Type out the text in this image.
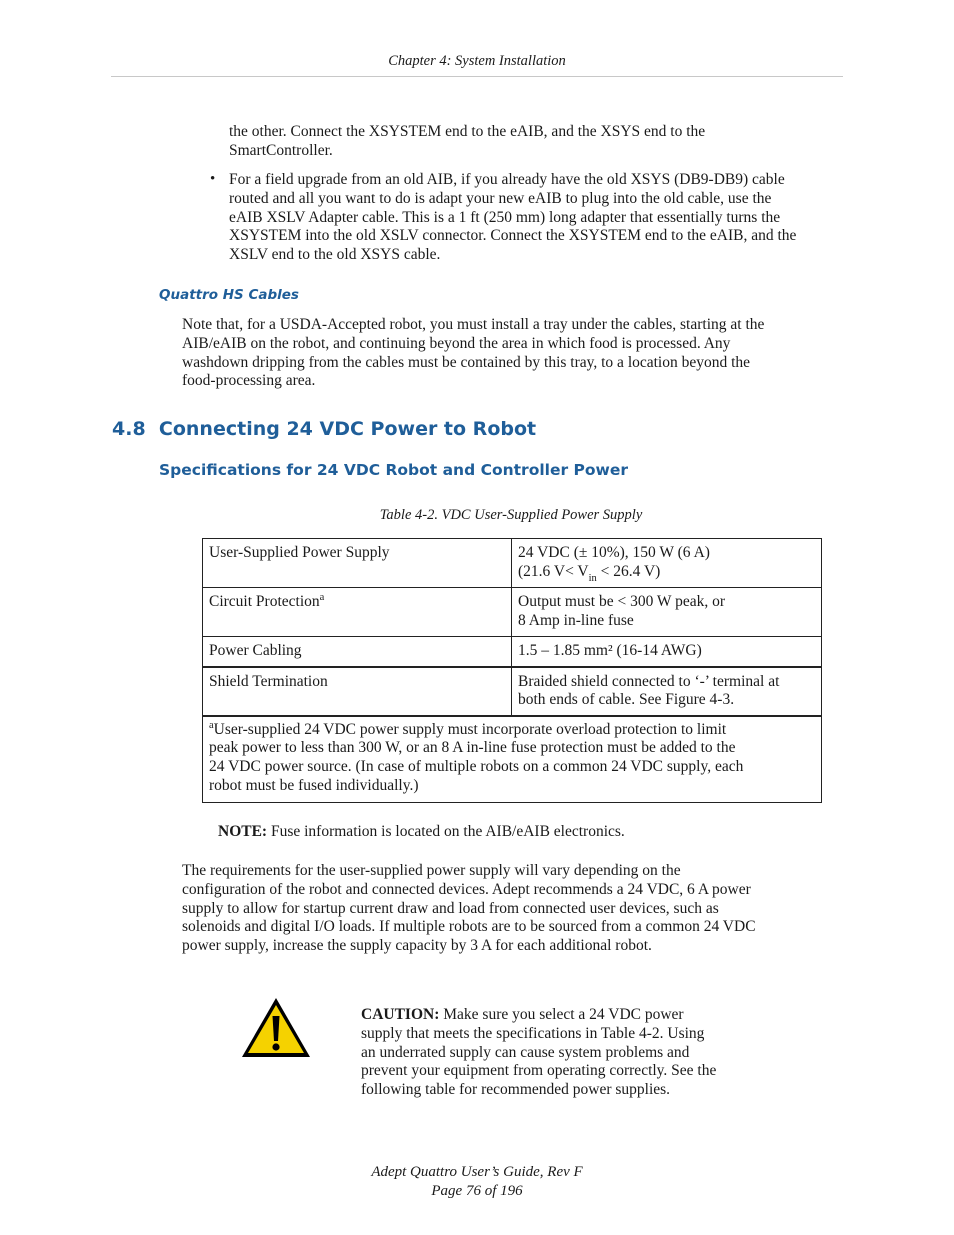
Chapter 4: System Installation
the other. Connect the XSYSTEM end to the eAIB, and the XSYS end to the
SmartController.
• For a field upgrade from an old AIB, if you already have the old XSYS (DB9-DB9) cable
routed and all you want to do is adapt your new eAIB to plug into the old cable, use the
eAIB XSLV Adapter cable. This is a 1 ft (250 mm) long adapter that essentially turns the
XSYSTEM into the old XSLV connector. Connect the XSYSTEM end to the eAIB, and the
XSLV end to the old XSYS cable.
Quattro HS Cables
Note that, for a USDA-Accepted robot, you must install a tray under the cables, starting at the
AIB/eAIB on the robot, and continuing beyond the area in which food is processed. Any
washdown dripping from the cables must be contained by this tray, to a location beyond the
food-processing area.
4.8 Connecting 24 VDC Power to Robot
Specifications for 24 VDC Robot and Controller Power
Table 4-2. VDC User-Supplied Power Supply
User-Supplied Power Supply	24 VDC (± 10%), 150 W (6 A)
(21.6 $V< V_{in} < 26.4$ V)

Circuit Protection$^a$	Output must be < 300 W peak, or
8 Amp in-line fuse

Power Cabling	1.5 – 1.85 mm² (16-14 AWG)

Shield Termination	Braided shield connected to ‘-’ terminal at
both ends of cable. See Figure 4-3.

$^a$User-supplied 24 VDC power supply must incorporate overload protection to limit
peak power to less than 300 W, or an 8 A in-line fuse protection must be added to the
24 VDC power source. (In case of multiple robots on a common 24 VDC supply, each
robot must be fused individually.)	
NOTE: Fuse information is located on the AIB/eAIB electronics.
The requirements for the user-supplied power supply will vary depending on the
configuration of the robot and connected devices. Adept recommends a 24 VDC, 6 A power
supply to allow for startup current draw and load from connected user devices, such as
solenoids and digital I/O loads. If multiple robots are to be sourced from a common 24 VDC
power supply, increase the supply capacity by 3 A for each additional robot.
CAUTION: Make sure you select a 24 VDC power
supply that meets the specifications in Table 4-2. Using
an underrated supply can cause system problems and
prevent your equipment from operating correctly. See the
following table for recommended power supplies.
Adept Quattro User’s Guide, Rev F
Page 76 of 196
